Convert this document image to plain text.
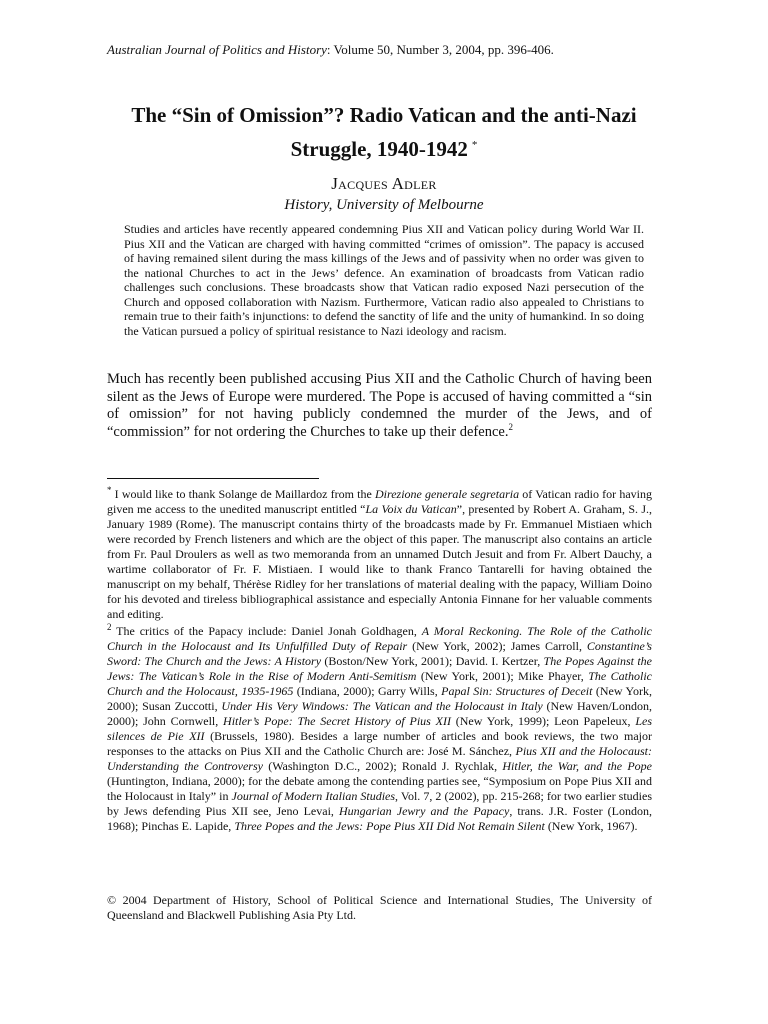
Australian Journal of Politics and History: Volume 50, Number 3, 2004, pp. 396-406.
The “Sin of Omission”? Radio Vatican and the anti-Nazi Struggle, 1940-1942 *
Jacques Adler
History, University of Melbourne
Studies and articles have recently appeared condemning Pius XII and Vatican policy during World War II. Pius XII and the Vatican are charged with having committed “crimes of omission”. The papacy is accused of having remained silent during the mass killings of the Jews and of passivity when no order was given to the national Churches to act in the Jews’ defence. An examination of broadcasts from Vatican radio challenges such conclusions. These broadcasts show that Vatican radio exposed Nazi persecution of the Church and opposed collaboration with Nazism. Furthermore, Vatican radio also appealed to Christians to remain true to their faith’s injunctions: to defend the sanctity of life and the unity of humankind. In so doing the Vatican pursued a policy of spiritual resistance to Nazi ideology and racism.
Much has recently been published accusing Pius XII and the Catholic Church of having been silent as the Jews of Europe were murdered. The Pope is accused of having committed a “sin of omission” for not having publicly condemned the murder of the Jews, and of “commission” for not ordering the Churches to take up their defence.$^2$

* I would like to thank Solange de Maillardoz from the Direzione generale segretaria of Vatican radio for having given me access to the unedited manuscript entitled “La Voix du Vatican”, presented by Robert A. Graham, S. J., January 1989 (Rome). The manuscript contains thirty of the broadcasts made by Fr. Emmanuel Mistiaen which were recorded by French listeners and which are the object of this paper. The manuscript also contains an article from Fr. Paul Droulers as well as two memoranda from an unnamed Dutch Jesuit and from Fr. Albert Dauchy, a wartime collaborator of Fr. F. Mistiaen. I would like to thank Franco Tantarelli for having obtained the manuscript on my behalf, Thérèse Ridley for her translations of material dealing with the papacy, William Doino for his devoted and tireless bibliographical assistance and especially Antonia Finnane for her valuable comments and editing.

$^2$ The critics of the Papacy include: Daniel Jonah Goldhagen, A Moral Reckoning. The Role of the Catholic Church in the Holocaust and Its Unfulfilled Duty of Repair (New York, 2002); James Carroll, Constantine’s Sword: The Church and the Jews: A History (Boston/New York, 2001); David. I. Kertzer, The Popes Against the Jews: The Vatican’s Role in the Rise of Modern Anti-Semitism (New York, 2001); Mike Phayer, The Catholic Church and the Holocaust, 1935-1965 (Indiana, 2000); Garry Wills, Papal Sin: Structures of Deceit (New York, 2000); Susan Zuccotti, Under His Very Windows: The Vatican and the Holocaust in Italy (New Haven/London, 2000); John Cornwell, Hitler’s Pope: The Secret History of Pius XII (New York, 1999); Leon Papeleux, Les silences de Pie XII (Brussels, 1980). Besides a large number of articles and book reviews, the two major responses to the attacks on Pius XII and the Catholic Church are: José M. Sánchez, Pius XII and the Holocaust: Understanding the Controversy (Washington D.C., 2002); Ronald J. Rychlak, Hitler, the War, and the Pope (Huntington, Indiana, 2000); for the debate among the contending parties see, “Symposium on Pope Pius XII and the Holocaust in Italy” in Journal of Modern Italian Studies, Vol. 7, 2 (2002), pp. 215-268; for two earlier studies by Jews defending Pius XII see, Jeno Levai, Hungarian Jewry and the Papacy, trans. J.R. Foster (London, 1968); Pinchas E. Lapide, Three Popes and the Jews: Pope Pius XII Did Not Remain Silent (New York, 1967).

© 2004 Department of History, School of Political Science and International Studies, The University of Queensland and Blackwell Publishing Asia Pty Ltd.
